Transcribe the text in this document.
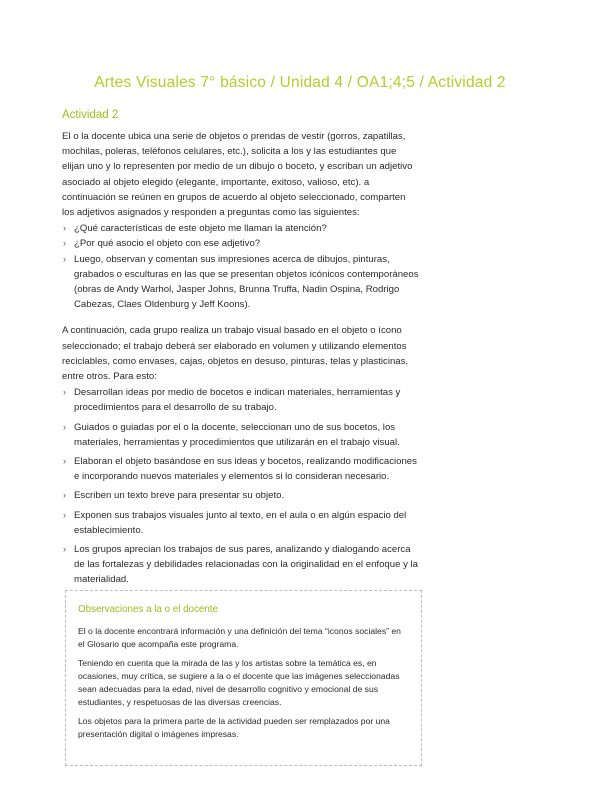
Artes Visuales 7° básico / Unidad 4 / OA1;4;5 / Actividad 2
Actividad 2

El o la docente ubica una serie de objetos o prendas de vestir (gorros, zapatillas, mochilas, poleras, teléfonos celulares, etc.), solicita a los y las estudiantes que elijan uno y lo representen por medio de un dibujo o boceto, y escriban un adjetivo asociado al objeto elegido (elegante, importante, exitoso, valioso, etc). a continuación se reúnen en grupos de acuerdo al objeto seleccionado, comparten los adjetivos asignados y responden a preguntas como las siguientes:

› ¿Qué características de este objeto me llaman la atención?
› ¿Por qué asocio el objeto con ese adjetivo?
› Luego, observan y comentan sus impresiones acerca de dibujos, pinturas, grabados o esculturas en las que se presentan objetos icónicos contemporáneos (obras de Andy Warhol, Jasper Johns, Brunna Truffa, Nadin Ospina, Rodrigo Cabezas, Claes Oldenburg y Jeff Koons).

A continuación, cada grupo realiza un trabajo visual basado en el objeto o ícono seleccionado; el trabajo deberá ser elaborado en volumen y utilizando elementos reciclables, como envases, cajas, objetos en desuso, pinturas, telas y plasticinas, entre otros. Para esto:

› Desarrollan ideas por medio de bocetos e indican materiales, herramientas y procedimientos para el desarrollo de su trabajo.
› Guiados o guiadas por el o la docente, seleccionan uno de sus bocetos, los materiales, herramientas y procedimientos que utilizarán en el trabajo visual.
› Elaboran el objeto basándose en sus ideas y bocetos, realizando modificaciones e incorporando nuevos materiales y elementos si lo consideran necesario.
› Escriben un texto breve para presentar su objeto.
› Exponen sus trabajos visuales junto al texto, en el aula o en algún espacio del establecimiento.
› Los grupos aprecian los trabajos de sus pares, analizando y dialogando acerca de las fortalezas y debilidades relacionadas con la originalidad en el enfoque y la materialidad.
Observaciones a la o el docente

El o la docente encontrará información y una definición del tema “iconos sociales” en el Glosario que acompaña este programa.

Teniendo en cuenta que la mirada de las y los artistas sobre la temática es, en ocasiones, muy crítica, se sugiere a la o el docente que las imágenes seleccionadas sean adecuadas para la edad, nivel de desarrollo cognitivo y emocional de sus estudiantes, y respetuosas de las diversas creencias.

Los objetos para la primera parte de la actividad pueden ser remplazados por una presentación digital o imágenes impresas.
